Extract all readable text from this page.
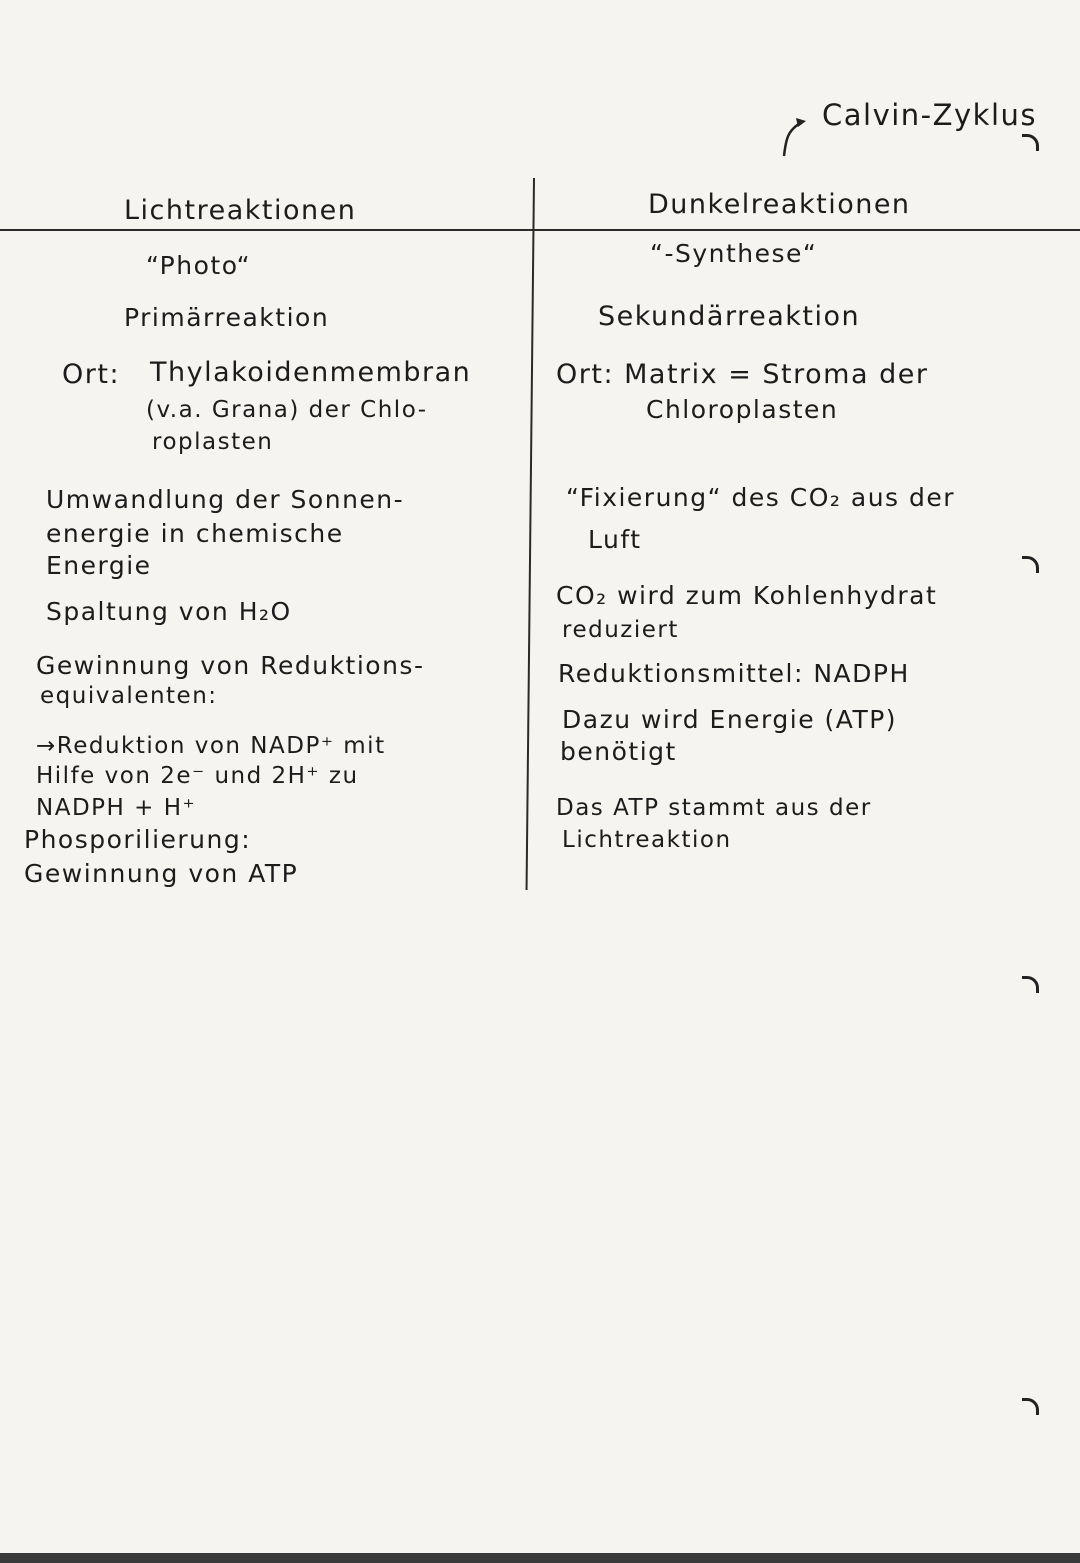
Calvin-Zyklus
Lichtreaktionen
“Photo“
Primärreaktion
Ort: Thylakoidenmembran
(v.a. Grana) der Chlo-
roplasten
Umwandlung der Sonnen-
energie in chemische
Energie
Spaltung von H₂O
Gewinnung von Reduktions-
equivalenten:
→Reduktion von NADP⁺ mit
Hilfe von 2e⁻ und 2H⁺ zu
NADPH + H⁺
Phosporilierung:
Gewinnung von ATP
Dunkelreaktionen
“-Synthese“
Sekundärreaktion
Ort: Matrix = Stroma der
Chloroplasten
“Fixierung“ des CO₂ aus der
Luft
CO₂ wird zum Kohlenhydrat
reduziert
Reduktionsmittel: NADPH
Dazu wird Energie (ATP)
benötigt
Das ATP stammt aus der
Lichtreaktion
